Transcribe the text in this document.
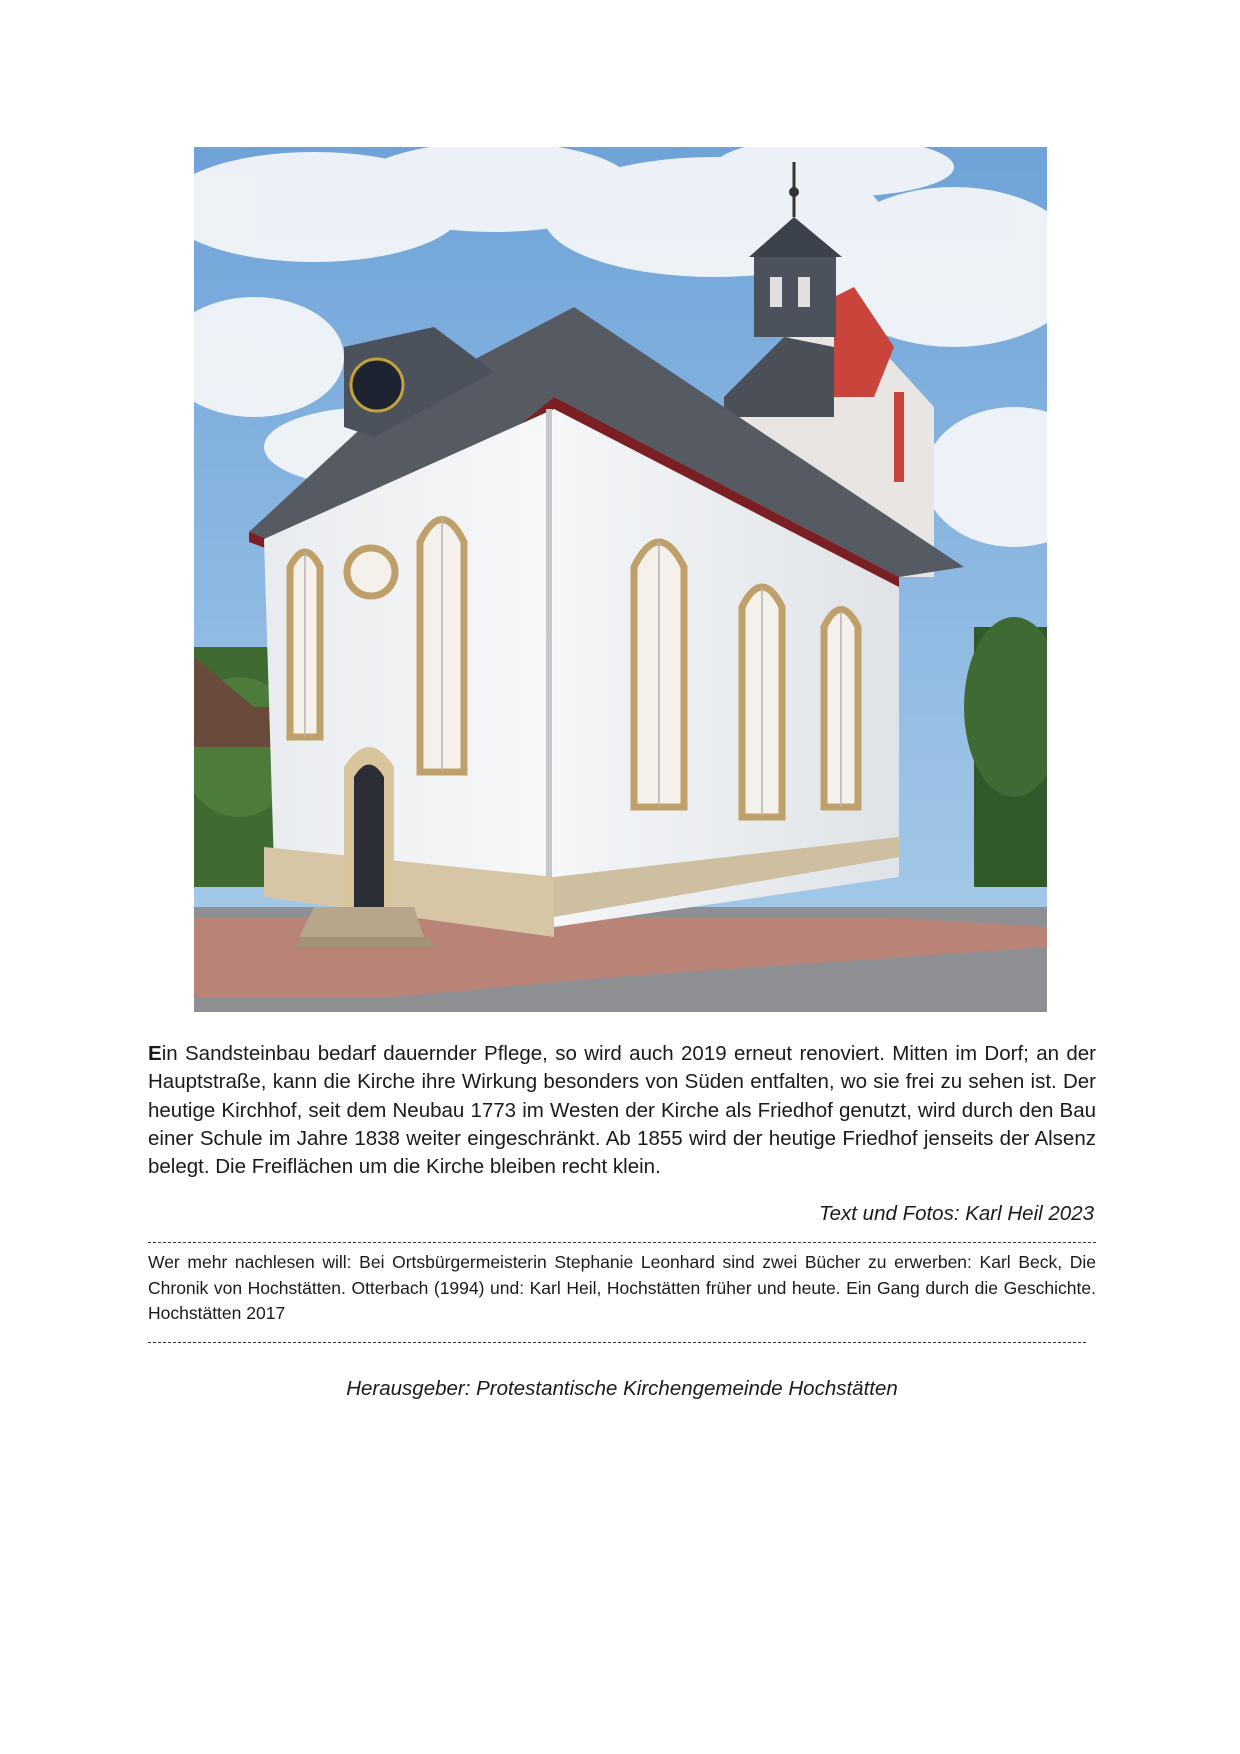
Ein Sandsteinbau bedarf dauernder Pflege, so wird auch 2019 erneut renoviert. Mitten im Dorf; an der Hauptstraße, kann die Kirche ihre Wirkung besonders von Süden entfalten, wo sie frei zu sehen ist. Der heutige Kirchhof, seit dem Neubau 1773 im Westen der Kirche als Friedhof genutzt, wird durch den Bau einer Schule im Jahre 1838 weiter eingeschränkt. Ab 1855 wird der heutige Friedhof jenseits der Alsenz belegt. Die Freiflächen um die Kirche bleiben recht klein.

Text und Fotos: Karl Heil 2023

Wer mehr nachlesen will: Bei Ortsbürgermeisterin Stephanie Leonhard sind zwei Bücher zu erwerben: Karl Beck, Die Chronik von Hochstätten. Otterbach (1994) und: Karl Heil, Hochstätten früher und heute. Ein Gang durch die Geschichte. Hochstätten 2017

Herausgeber: Protestantische Kirchengemeinde Hochstätten
